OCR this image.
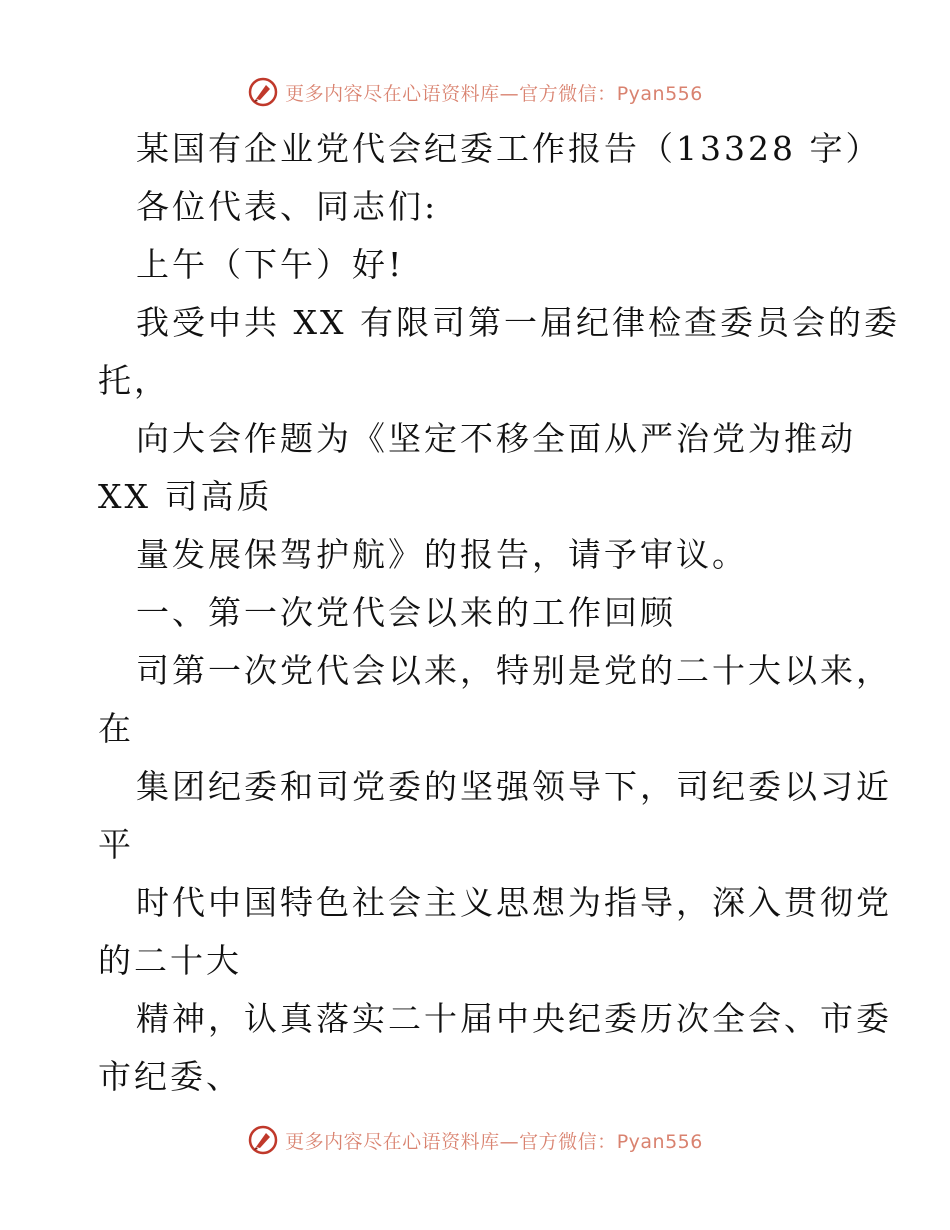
更多内容尽在心语资料库—官方微信：Pyan556
某国有企业党代会纪委工作报告（13328 字）
各位代表、同志们:
上午（下午）好!
我受中共 XX 有限司第一届纪律检查委员会的委
托，
向大会作题为《坚定不移全面从严治党为推动
XX 司高质
量发展保驾护航》的报告，请予审议。
一、第一次党代会以来的工作回顾
司第一次党代会以来，特别是党的二十大以来，
在
集团纪委和司党委的坚强领导下，司纪委以习近
平
时代中国特色社会主义思想为指导，深入贯彻党
的二十大
精神，认真落实二十届中央纪委历次全会、市委
市纪委、
更多内容尽在心语资料库—官方微信：Pyan556
